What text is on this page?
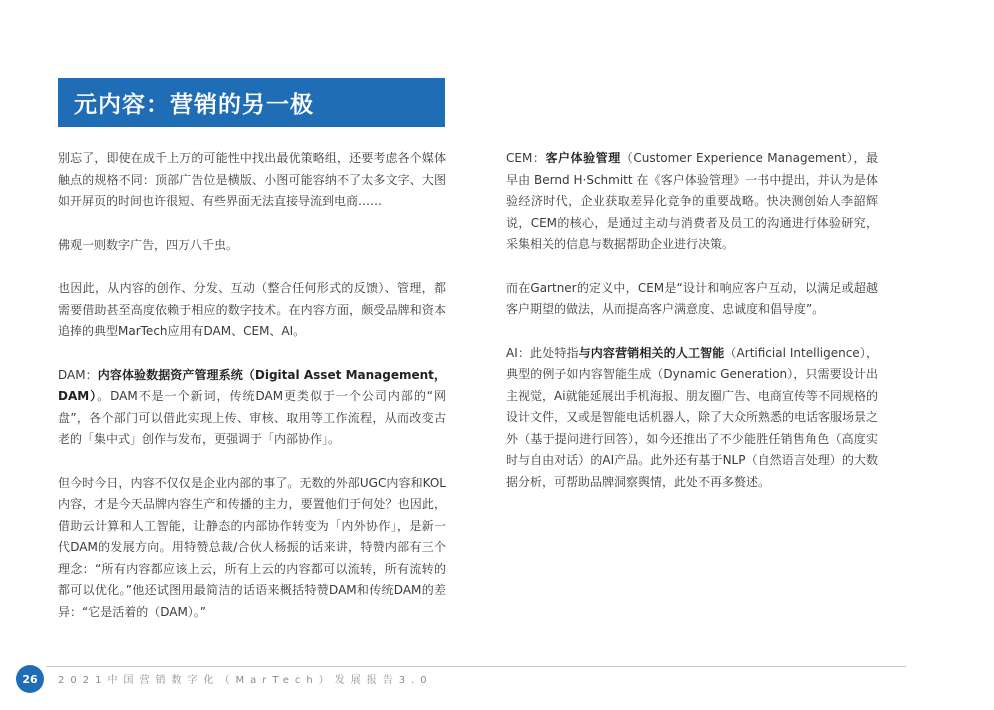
元内容：营销的另一极

别忘了，即使在成千上万的可能性中找出最优策略组，还要考虑各个媒体触点的规格不同：顶部广告位是横版、小图可能容纳不了太多文字、大图如开屏页的时间也许很短、有些界面无法直接导流到电商……

佛观一则数字广告，四万八千虫。

也因此，从内容的创作、分发、互动（整合任何形式的反馈）、管理，都需要借助甚至高度依赖于相应的数字技术。在内容方面，颇受品牌和资本追捧的典型MarTech应用有DAM、CEM、AI。

DAM：内容体验数据资产管理系统（Digital Asset Management，DAM）。DAM不是一个新词，传统DAM更类似于一个公司内部的“网盘”，各个部门可以借此实现上传、审核、取用等工作流程，从而改变古老的「集中式」创作与发布，更强调于「内部协作」。

但今时今日，内容不仅仅是企业内部的事了。无数的外部UGC内容和KOL内容，才是今天品牌内容生产和传播的主力，要置他们于何处？也因此，借助云计算和人工智能，让静态的内部协作转变为「内外协作」，是新一代DAM的发展方向。用特赞总裁/合伙人杨振的话来讲，特赞内部有三个理念：“所有内容都应该上云，所有上云的内容都可以流转，所有流转的都可以优化。”他还试图用最简洁的话语来概括特赞DAM和传统DAM的差异：“它是活着的（DAM）。”

CEM：客户体验管理（Customer Experience Management），最早由 Bernd H·Schmitt 在《客户体验管理》一书中提出，并认为是体验经济时代，企业获取差异化竞争的重要战略。快决测创始人李韶辉说，CEM的核心，是通过主动与消费者及员工的沟通进行体验研究，采集相关的信息与数据帮助企业进行决策。

而在Gartner的定义中，CEM是“设计和响应客户互动，以满足或超越客户期望的做法，从而提高客户满意度、忠诚度和倡导度”。

AI：此处特指与内容营销相关的人工智能（Artificial Intelligence），典型的例子如内容智能生成（Dynamic Generation），只需要设计出主视觉，Ai就能延展出手机海报、朋友圈广告、电商宣传等不同规格的设计文件，又或是智能电话机器人，除了大众所熟悉的电话客服场景之外（基于提问进行回答），如今还推出了不少能胜任销售角色（高度实时与自由对话）的AI产品。此外还有基于NLP（自然语言处理）的大数据分析，可帮助品牌洞察舆情，此处不再多赘述。

26 2021中国营销数字化（MarTech）发展报告3.0
